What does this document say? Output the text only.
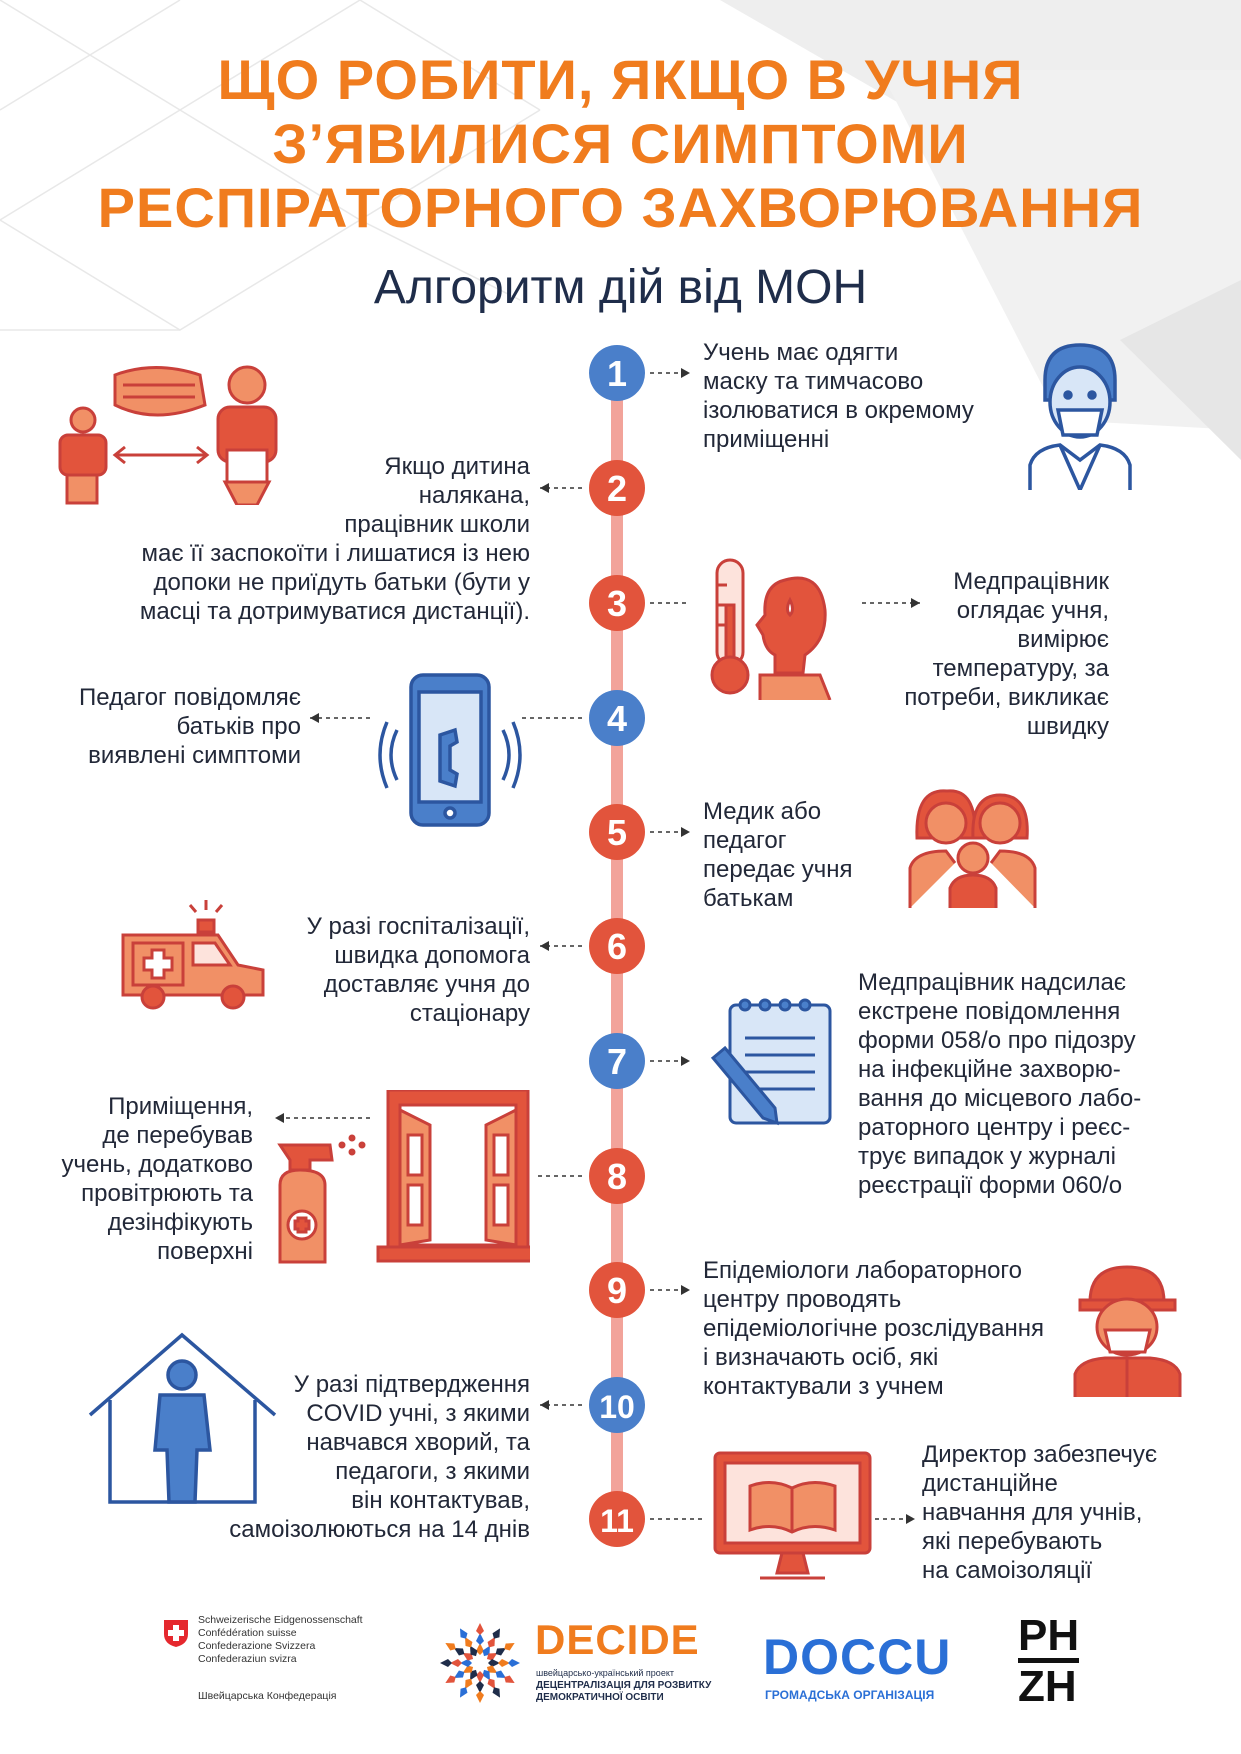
ЩО РОБИТИ, ЯКЩО В УЧНЯ
З’ЯВИЛИСЯ СИМПТОМИ
РЕСПІРАТОРНОГО ЗАХВОРЮВАННЯ
Алгоритм дій від МОН
1
2
3
4
5
6
7
8
9
10
11
Учень має одягти
маску та тимчасово
ізолюватися в окремому
приміщенні
Якщо дитина
налякана,
працівник школи
має її заспокоїти і лишатися із нею
допоки не приїдуть батьки (бути у
масці та дотримуватися дистанції).
Медпрацівник
оглядає учня,
вимірює
температуру, за
потреби, викликає
швидку
Педагог повідомляє
батьків про
виявлені симптоми
Медик або
педагог
передає учня
батькам
У разі госпіталізації,
швидка допомога
доставляє учня до
стаціонару
Медпрацівник надсилає
екстрене повідомлення
форми 058/о про підозру
на інфекційне захворю-
вання до місцевого лабо-
раторного центру і реєс-
трує випадок у журналі
реєстрації форми 060/о
Приміщення,
де перебував
учень, додатково
провітрюють та
дезінфікують
поверхні
Епідеміологи лабораторного
центру проводять
епідеміологічне розслідування
і визначають осіб, які
контактували з учнем
У разі підтвердження
COVID учні, з якими
навчався хворий, та
педагоги, з якими
він контактував,
самоізолюються на 14 днів
Директор забезпечує
дистанційне
навчання для учнів,
які перебувають
на самоізоляції
Schweizerische Eidgenossenschaft
Confédération suisse
Confederazione Svizzera
Confederaziun svizra
Швейцарська Конфедерація
DECIDE
швейцарсько-український проект
ДЕЦЕНТРАЛІЗАЦІЯ ДЛЯ РОЗВИТКУ
ДЕМОКРАТИЧНОЇ ОСВІТИ
DOCCU
ГРОМАДСЬКА ОРГАНІЗАЦІЯ
PH
ZH
